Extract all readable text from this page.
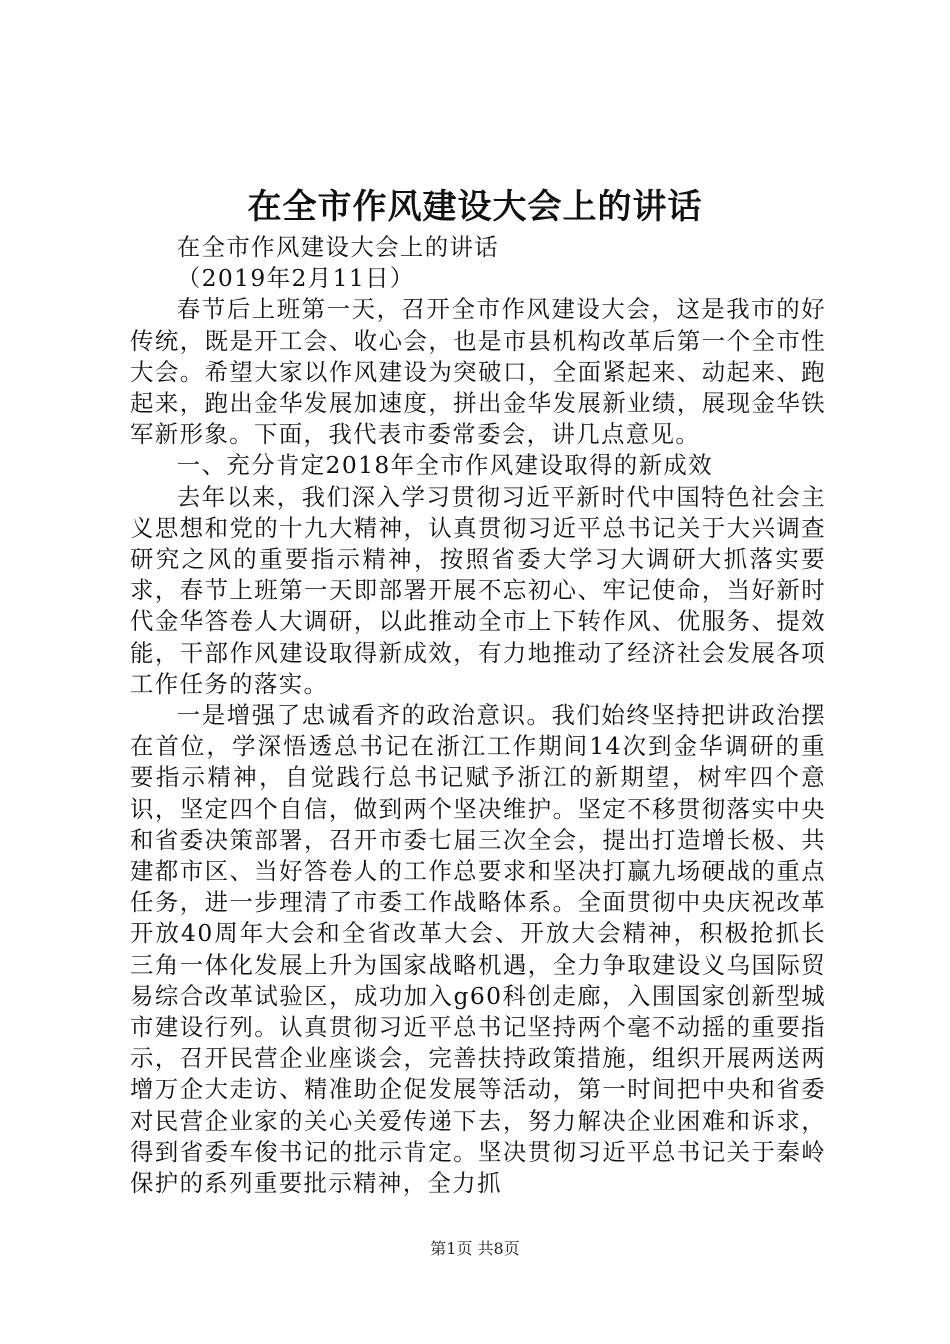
在全市作风建设大会上的讲话

在全市作风建设大会上的讲话

（2019年2月11日）

春节后上班第一天，召开全市作风建设大会，这是我市的好传统，既是开工会、收心会，也是市县机构改革后第一个全市性大会。希望大家以作风建设为突破口，全面紧起来、动起来、跑起来，跑出金华发展加速度，拼出金华发展新业绩，展现金华铁军新形象。下面，我代表市委常委会，讲几点意见。

一、充分肯定2018年全市作风建设取得的新成效

去年以来，我们深入学习贯彻习近平新时代中国特色社会主义思想和党的十九大精神，认真贯彻习近平总书记关于大兴调查研究之风的重要指示精神，按照省委大学习大调研大抓落实要求，春节上班第一天即部署开展不忘初心、牢记使命，当好新时代金华答卷人大调研，以此推动全市上下转作风、优服务、提效能，干部作风建设取得新成效，有力地推动了经济社会发展各项工作任务的落实。

一是增强了忠诚看齐的政治意识。我们始终坚持把讲政治摆在首位，学深悟透总书记在浙江工作期间14次到金华调研的重要指示精神，自觉践行总书记赋予浙江的新期望，树牢四个意识，坚定四个自信，做到两个坚决维护。坚定不移贯彻落实中央和省委决策部署，召开市委七届三次全会，提出打造增长极、共建都市区、当好答卷人的工作总要求和坚决打赢九场硬战的重点任务，进一步理清了市委工作战略体系。全面贯彻中央庆祝改革开放40周年大会和全省改革大会、开放大会精神，积极抢抓长三角一体化发展上升为国家战略机遇，全力争取建设义乌国际贸易综合改革试验区，成功加入g60科创走廊，入围国家创新型城市建设行列。认真贯彻习近平总书记坚持两个毫不动摇的重要指示，召开民营企业座谈会，完善扶持政策措施，组织开展两送两增万企大走访、精准助企促发展等活动，第一时间把中央和省委对民营企业家的关心关爱传递下去，努力解决企业困难和诉求，得到省委车俊书记的批示肯定。坚决贯彻习近平总书记关于秦岭保护的系列重要批示精神，全力抓

第1页 共8页
